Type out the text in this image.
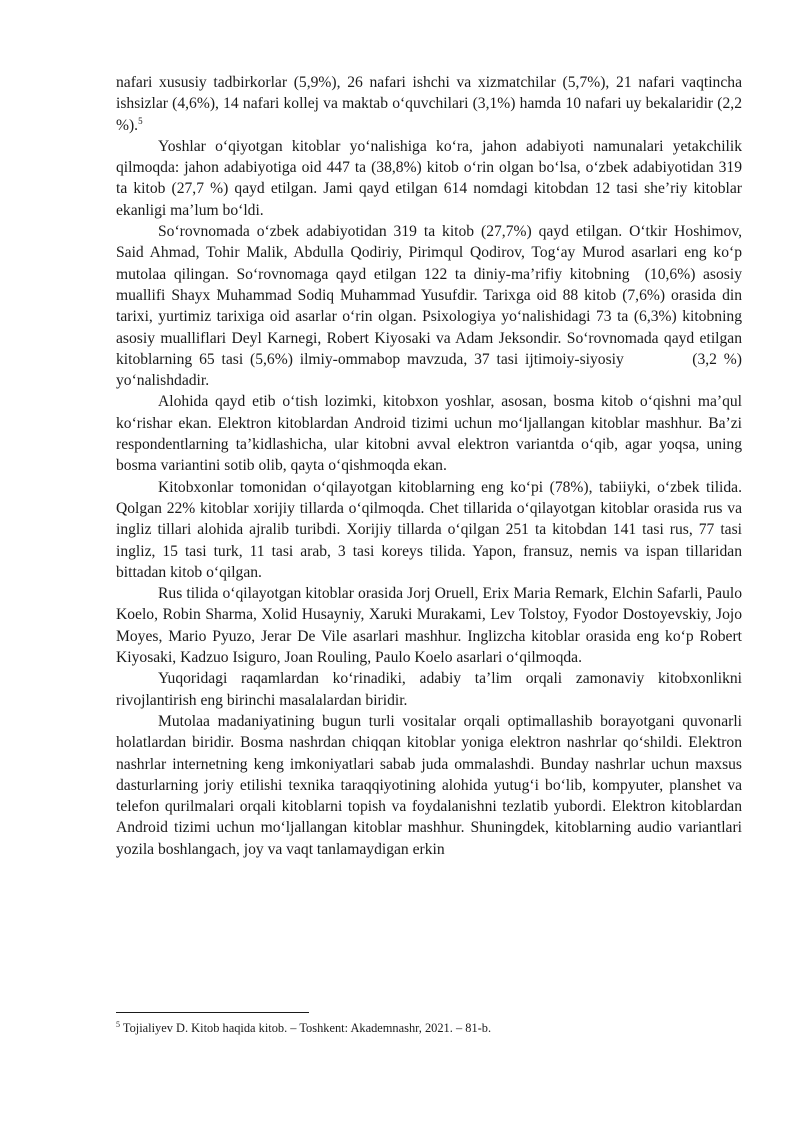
nafari xususiy tadbirkorlar (5,9%), 26 nafari ishchi va xizmatchilar (5,7%), 21 nafari vaqtincha ishsizlar (4,6%), 14 nafari kollej va maktab oʻquvchilari (3,1%) hamda 10 nafari uy bekalaridir (2,2 %).$^5$

Yoshlar oʻqiyotgan kitoblar yoʻnalishiga koʻra, jahon adabiyoti namunalari yetakchilik qilmoqda: jahon adabiyotiga oid 447 ta (38,8%) kitob oʻrin olgan boʻlsa, oʻzbek adabiyotidan 319 ta kitob (27,7 %) qayd etilgan. Jami qayd etilgan 614 nomdagi kitobdan 12 tasi sheʼriy kitoblar ekanligi maʼlum boʻldi.

Soʻrovnomada oʻzbek adabiyotidan 319 ta kitob (27,7%) qayd etilgan. Oʻtkir Hoshimov, Said Ahmad, Tohir Malik, Abdulla Qodiriy, Pirimqul Qodirov, Togʻay Murod asarlari eng koʻp mutolaa qilingan. Soʻrovnomaga qayd etilgan 122 ta diniy-maʼrifiy kitobning  (10,6%) asosiy muallifi Shayx Muhammad Sodiq Muhammad Yusufdir. Tarixga oid 88 kitob (7,6%) orasida din tarixi, yurtimiz tarixiga oid asarlar oʻrin olgan. Psixologiya yoʻnalishidagi 73 ta (6,3%) kitobning asosiy mualliflari Deyl Karnegi, Robert Kiyosaki va Adam Jeksondir. Soʻrovnomada qayd etilgan kitoblarning 65 tasi (5,6%) ilmiy-ommabop mavzuda, 37 tasi ijtimoiy-siyosiy          (3,2 %) yoʻnalishdadir.

Alohida qayd etib oʻtish lozimki, kitobxon yoshlar, asosan, bosma kitob oʻqishni maʼqul koʻrishar ekan. Elektron kitoblardan Android tizimi uchun moʻljallangan kitoblar mashhur. Baʼzi respondentlarning taʼkidlashicha, ular kitobni avval elektron variantda oʻqib, agar yoqsa, uning bosma variantini sotib olib, qayta oʻqishmoqda ekan.

Kitobxonlar tomonidan oʻqilayotgan kitoblarning eng koʻpi (78%), tabiiyki, oʻzbek tilida. Qolgan 22% kitoblar xorijiy tillarda oʻqilmoqda. Chet tillarida oʻqilayotgan kitoblar orasida rus va ingliz tillari alohida ajralib turibdi. Xorijiy tillarda oʻqilgan 251 ta kitobdan 141 tasi rus, 77 tasi ingliz, 15 tasi turk, 11 tasi arab, 3 tasi koreys tilida. Yapon, fransuz, nemis va ispan tillaridan bittadan kitob oʻqilgan.

Rus tilida oʻqilayotgan kitoblar orasida Jorj Oruell, Erix Maria Remark, Elchin Safarli, Paulo Koelo, Robin Sharma, Xolid Husayniy, Xaruki Murakami, Lev Tolstoy, Fyodor Dostoyevskiy, Jojo Moyes, Mario Pyuzo, Jerar De Vile asarlari mashhur. Inglizcha kitoblar orasida eng koʻp Robert Kiyosaki, Kadzuo Isiguro, Joan Rouling, Paulo Koelo asarlari oʻqilmoqda.

Yuqoridagi raqamlardan koʻrinadiki, adabiy taʼlim orqali zamonaviy kitobxonlikni rivojlantirish eng birinchi masalalardan biridir.

Mutolaa madaniyatining bugun turli vositalar orqali optimallashib borayotgani quvonarli holatlardan biridir. Bosma nashrdan chiqqan kitoblar yoniga elektron nashrlar qoʻshildi. Elektron nashrlar internetning keng imkoniyatlari sabab juda ommalashdi. Bunday nashrlar uchun maxsus dasturlarning joriy etilishi texnika taraqqiyotining alohida yutugʻi boʻlib, kompyuter, planshet va telefon qurilmalari orqali kitoblarni topish va foydalanishni tezlatib yubordi. Elektron kitoblardan Android tizimi uchun moʻljallangan kitoblar mashhur. Shuningdek, kitoblarning audio variantlari yozila boshlangach, joy va vaqt tanlamaydigan erkin

$^5$ Tojialiyev D. Kitob haqida kitob. – Toshkent: Akademnashr, 2021. – 81-b.
